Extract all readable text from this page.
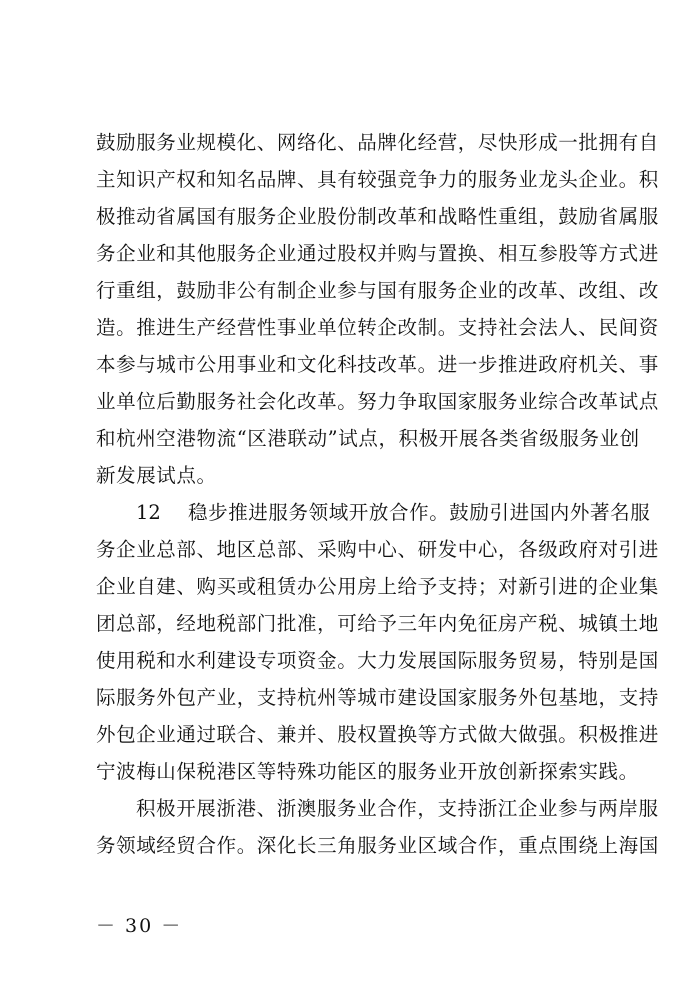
鼓励服务业规模化、网络化、品牌化经营，尽快形成一批拥有自
主知识产权和知名品牌、具有较强竞争力的服务业龙头企业。积
极推动省属国有服务企业股份制改革和战略性重组，鼓励省属服
务企业和其他服务企业通过股权并购与置换、相互参股等方式进
行重组，鼓励非公有制企业参与国有服务企业的改革、改组、改
造。推进生产经营性事业单位转企改制。支持社会法人、民间资
本参与城市公用事业和文化科技改革。进一步推进政府机关、事
业单位后勤服务社会化改革。努力争取国家服务业综合改革试点
和杭州空港物流“区港联动”试点，积极开展各类省级服务业创
新发展试点。
12 稳步推进服务领域开放合作。鼓励引进国内外著名服
务企业总部、地区总部、采购中心、研发中心，各级政府对引进
企业自建、购买或租赁办公用房上给予支持；对新引进的企业集
团总部，经地税部门批准，可给予三年内免征房产税、城镇土地
使用税和水利建设专项资金。大力发展国际服务贸易，特别是国
际服务外包产业，支持杭州等城市建设国家服务外包基地，支持
外包企业通过联合、兼并、股权置换等方式做大做强。积极推进
宁波梅山保税港区等特殊功能区的服务业开放创新探索实践。
积极开展浙港、浙澳服务业合作，支持浙江企业参与两岸服
务领域经贸合作。深化长三角服务业区域合作，重点围绕上海国
－ 30 －
